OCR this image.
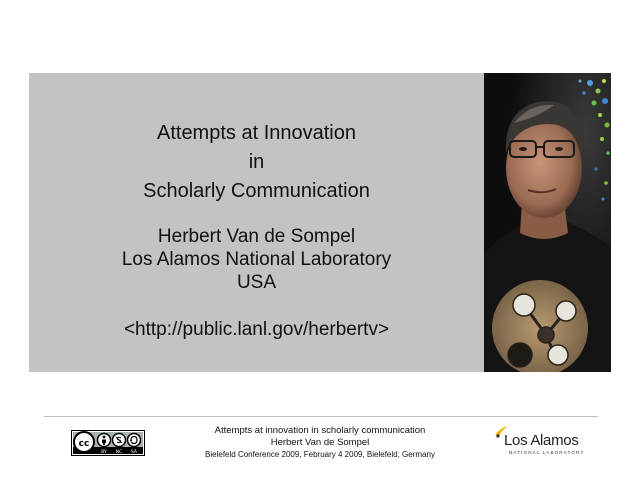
Attempts at Innovation
in
Scholarly Communication
Herbert Van de Sompel
Los Alamos National Laboratory
USA
<http://public.lanl.gov/herbertv>
cc
BY NC SA
Attempts at innovation in scholarly communication
Herbert Van de Sompel
Bielefeld Conference 2009, February 4 2009, Bielefeld, Germany
Los Alamos
NATIONAL LABORATORY
